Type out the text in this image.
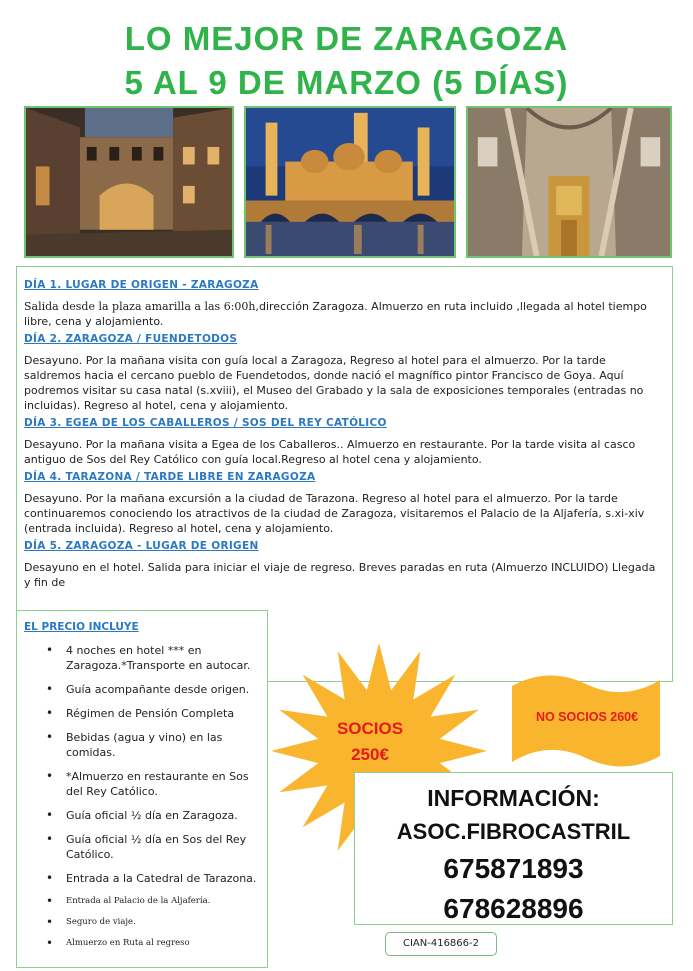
LO MEJOR DE ZARAGOZA
5 AL 9 DE MARZO (5 DÍAS)
DÍA 1. LUGAR DE ORIGEN - ZARAGOZA
Salida desde la plaza amarilla a las 6:00h,dirección Zaragoza. Almuerzo en ruta incluido ,llegada al hotel tiempo libre, cena y alojamiento.
DÍA 2. ZARAGOZA / FUENDETODOS
Desayuno. Por la mañana visita con guía local a Zaragoza, Regreso al hotel para el almuerzo. Por la tarde saldremos hacia el cercano pueblo de Fuendetodos, donde nació el magnífico pintor Francisco de Goya. Aquí podremos visitar su casa natal (s.xviii), el Museo del Grabado y la sala de exposiciones temporales (entradas no incluidas). Regreso al hotel, cena y alojamiento.
DÍA 3. EGEA DE LOS CABALLEROS / SOS DEL REY CATÓLICO
Desayuno. Por la mañana visita a Egea de los Caballeros.. Almuerzo en restaurante. Por la tarde visita al casco antiguo de Sos del Rey Católico con guía local.Regreso al hotel cena y alojamiento.
DÍA 4. TARAZONA / TARDE LIBRE EN ZARAGOZA
Desayuno. Por la mañana excursión a la ciudad de Tarazona. Regreso al hotel para el almuerzo. Por la tarde continuaremos conociendo los atractivos de la ciudad de Zaragoza, visitaremos el Palacio de la Aljafería, s.xi-xiv (entrada incluida). Regreso al hotel, cena y alojamiento.
DÍA 5. ZARAGOZA - LUGAR DE ORIGEN
Desayuno en el hotel. Salida para iniciar el viaje de regreso. Breves paradas en ruta (Almuerzo INCLUIDO) Llegada y fin de
EL PRECIO INCLUYE
• 4 noches en hotel *** en Zaragoza.*Transporte en autocar.
• Guía acompañante desde origen.
• Régimen de Pensión Completa
• Bebidas (agua y vino) en las comidas.
• *Almuerzo en restaurante en Sos del Rey Católico.
• Guía oficial ½ día en Zaragoza.
• Guía oficial ½ día en Sos del Rey Católico.
• Entrada a la Catedral de Tarazona.
• Entrada al Palacio de la Aljafería.
• Seguro de viaje.
• Almuerzo en Ruta al regreso
SOCIOS
250€
NO SOCIOS 260€
INFORMACIÓN:
ASOC.FIBROCASTRIL
675871893
678628896
CIAN-416866-2
